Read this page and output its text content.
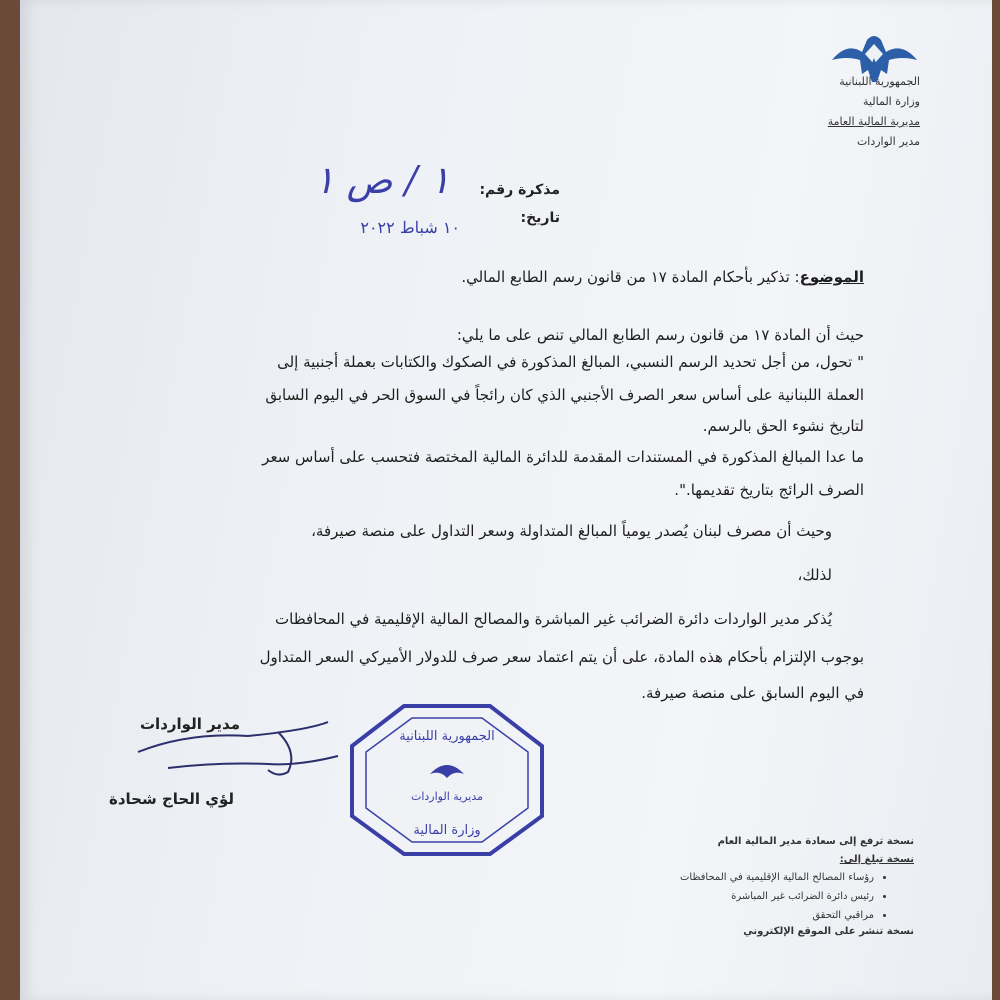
الجمهورية اللبنانية
وزارة المالية
مديرية المالية العامة
مدير الواردات
مذكرة رقم:
١ / ص ١
تاريخ:
١٠ شباط ٢٠٢٢
الموضوع: تذكير بأحكام المادة ١٧ من قانون رسم الطابع المالي.
حيث أن المادة ١٧ من قانون رسم الطابع المالي تنص على ما يلي:
" تحول، من أجل تحديد الرسم النسبي، المبالغ المذكورة في الصكوك والكتابات بعملة أجنبية إلى
العملة اللبنانية على أساس سعر الصرف الأجنبي الذي كان رائجاً في السوق الحر في اليوم السابق
لتاريخ نشوء الحق بالرسم.
ما عدا المبالغ المذكورة في المستندات المقدمة للدائرة المالية المختصة فتحسب على أساس سعر
الصرف الرائج بتاريخ تقديمها.".
وحيث أن مصرف لبنان يُصدر يومياً المبالغ المتداولة وسعر التداول على منصة صيرفة،
لذلك،
يُذكر مدير الواردات دائرة الضرائب غير المباشرة والمصالح المالية الإقليمية في المحافظات
بوجوب الإلتزام بأحكام هذه المادة، على أن يتم اعتماد سعر صرف للدولار الأميركي السعر المتداول
في اليوم السابق على منصة صيرفة.
الجمهورية اللبنانية
وزارة المالية
مديرية الواردات
مدير الواردات
لؤي الحاج شحادة
نسخة ترفع إلى سعادة مدير المالية العام
نسخة تبلغ إلى:
• رؤساء المصالح المالية الإقليمية في المحافظات
• رئيس دائرة الضرائب غير المباشرة
• مراقبي التحقق
نسخة تنشر على الموقع الإلكتروني
